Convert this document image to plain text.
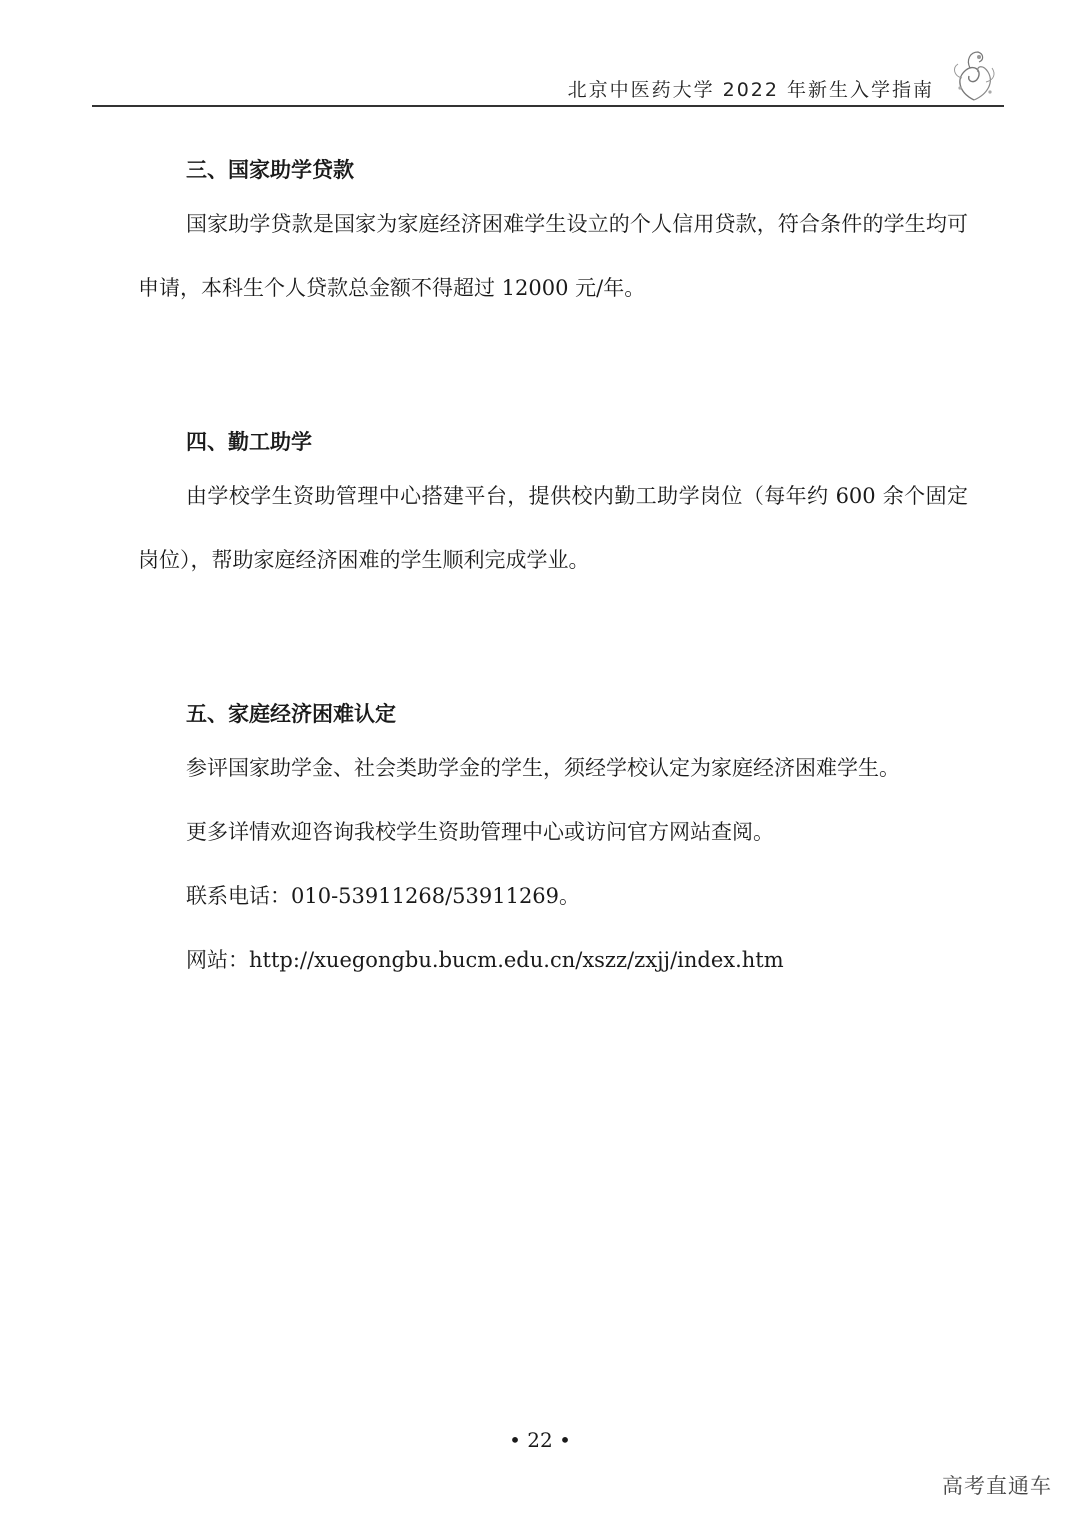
北京中医药大学 2022 年新生入学指南
三、国家助学贷款

国家助学贷款是国家为家庭经济困难学生设立的个人信用贷款，符合条件的学生均可申请，本科生个人贷款总金额不得超过 12000 元/年。

四、勤工助学

由学校学生资助管理中心搭建平台，提供校内勤工助学岗位（每年约 600 余个固定岗位），帮助家庭经济困难的学生顺利完成学业。

五、家庭经济困难认定

参评国家助学金、社会类助学金的学生，须经学校认定为家庭经济困难学生。

更多详情欢迎咨询我校学生资助管理中心或访问官方网站查阅。

联系电话：010-53911268/53911269。

网站：http://xuegongbu.bucm.edu.cn/xszz/zxjj/index.htm

• 22 •
高考直通车
